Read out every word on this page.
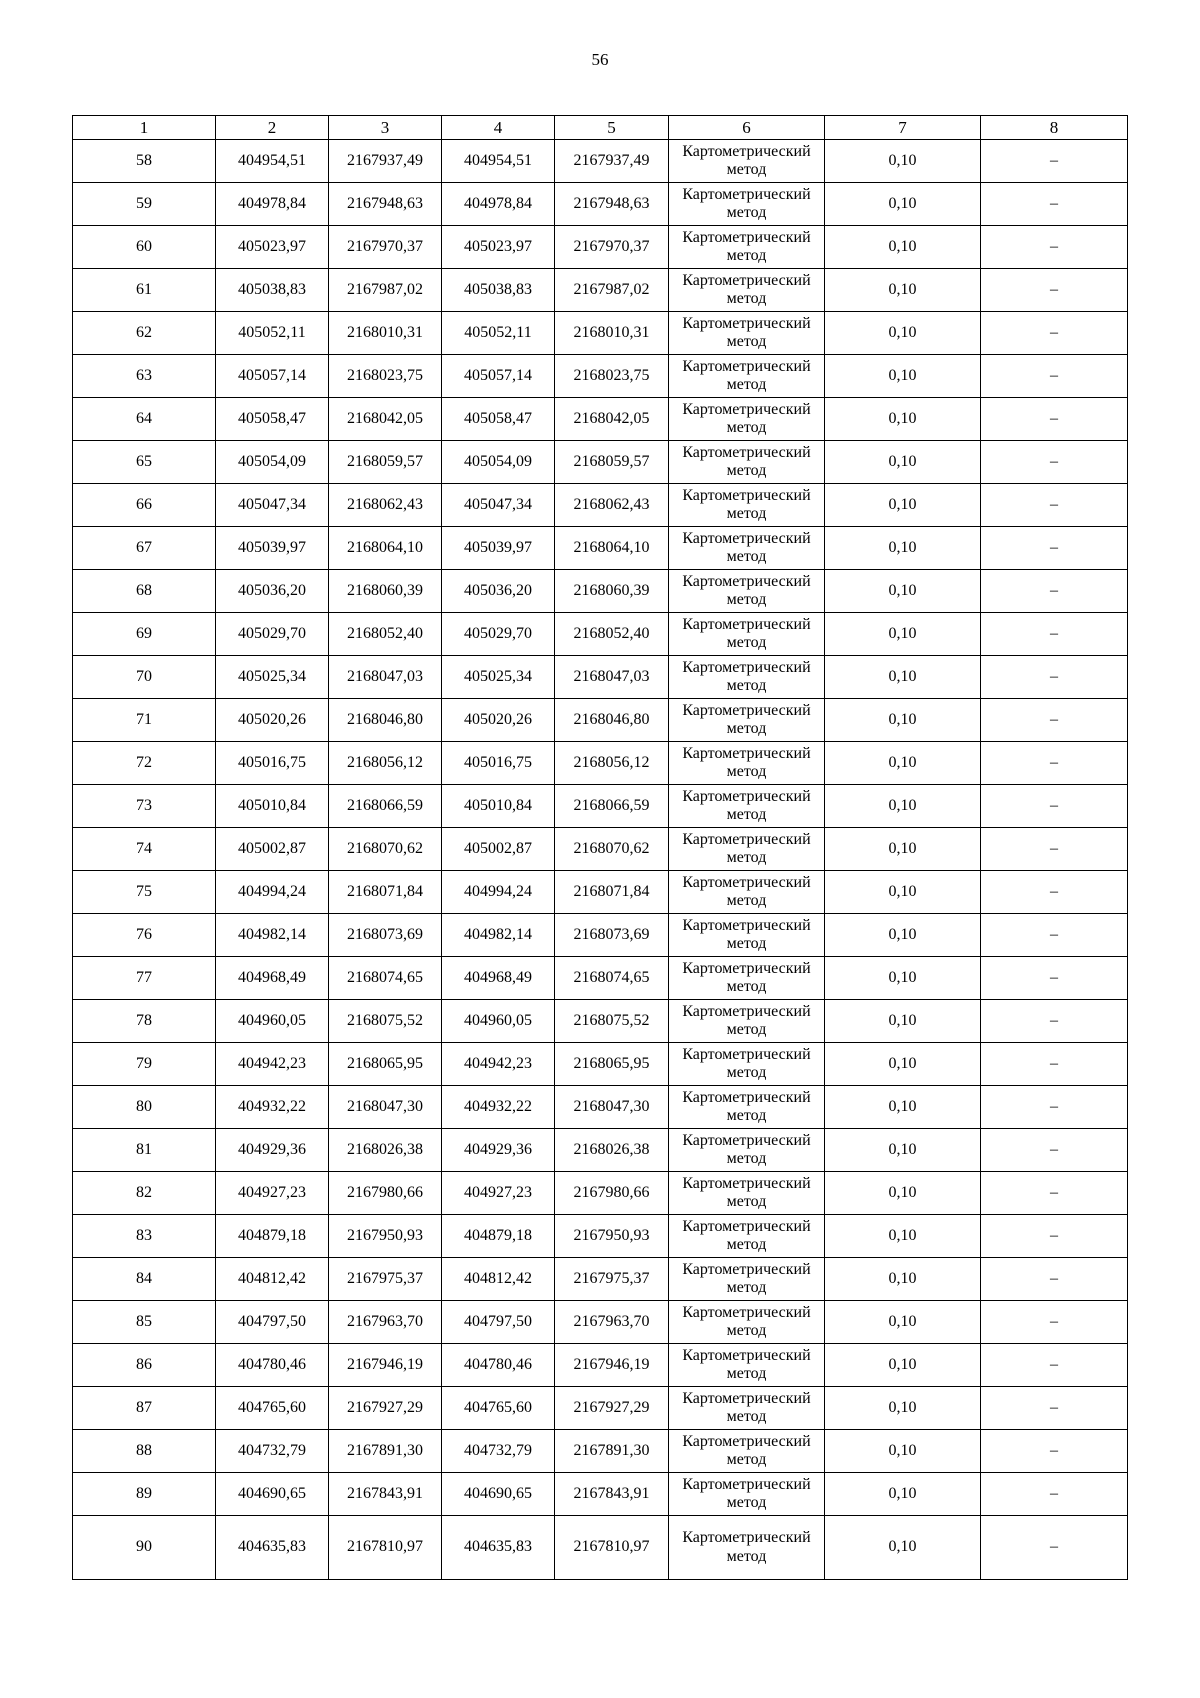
56
1	2	3	4	5	6	7	8
58	404954,51	2167937,49	404954,51	2167937,49	Картометрический метод	0,10	–
59	404978,84	2167948,63	404978,84	2167948,63	Картометрический метод	0,10	–
60	405023,97	2167970,37	405023,97	2167970,37	Картометрический метод	0,10	–
61	405038,83	2167987,02	405038,83	2167987,02	Картометрический метод	0,10	–
62	405052,11	2168010,31	405052,11	2168010,31	Картометрический метод	0,10	–
63	405057,14	2168023,75	405057,14	2168023,75	Картометрический метод	0,10	–
64	405058,47	2168042,05	405058,47	2168042,05	Картометрический метод	0,10	–
65	405054,09	2168059,57	405054,09	2168059,57	Картометрический метод	0,10	–
66	405047,34	2168062,43	405047,34	2168062,43	Картометрический метод	0,10	–
67	405039,97	2168064,10	405039,97	2168064,10	Картометрический метод	0,10	–
68	405036,20	2168060,39	405036,20	2168060,39	Картометрический метод	0,10	–
69	405029,70	2168052,40	405029,70	2168052,40	Картометрический метод	0,10	–
70	405025,34	2168047,03	405025,34	2168047,03	Картометрический метод	0,10	–
71	405020,26	2168046,80	405020,26	2168046,80	Картометрический метод	0,10	–
72	405016,75	2168056,12	405016,75	2168056,12	Картометрический метод	0,10	–
73	405010,84	2168066,59	405010,84	2168066,59	Картометрический метод	0,10	–
74	405002,87	2168070,62	405002,87	2168070,62	Картометрический метод	0,10	–
75	404994,24	2168071,84	404994,24	2168071,84	Картометрический метод	0,10	–
76	404982,14	2168073,69	404982,14	2168073,69	Картометрический метод	0,10	–
77	404968,49	2168074,65	404968,49	2168074,65	Картометрический метод	0,10	–
78	404960,05	2168075,52	404960,05	2168075,52	Картометрический метод	0,10	–
79	404942,23	2168065,95	404942,23	2168065,95	Картометрический метод	0,10	–
80	404932,22	2168047,30	404932,22	2168047,30	Картометрический метод	0,10	–
81	404929,36	2168026,38	404929,36	2168026,38	Картометрический метод	0,10	–
82	404927,23	2167980,66	404927,23	2167980,66	Картометрический метод	0,10	–
83	404879,18	2167950,93	404879,18	2167950,93	Картометрический метод	0,10	–
84	404812,42	2167975,37	404812,42	2167975,37	Картометрический метод	0,10	–
85	404797,50	2167963,70	404797,50	2167963,70	Картометрический метод	0,10	–
86	404780,46	2167946,19	404780,46	2167946,19	Картометрический метод	0,10	–
87	404765,60	2167927,29	404765,60	2167927,29	Картометрический метод	0,10	–
88	404732,79	2167891,30	404732,79	2167891,30	Картометрический метод	0,10	–
89	404690,65	2167843,91	404690,65	2167843,91	Картометрический метод	0,10	–
90	404635,83	2167810,97	404635,83	2167810,97	Картометрический метод	0,10	–
